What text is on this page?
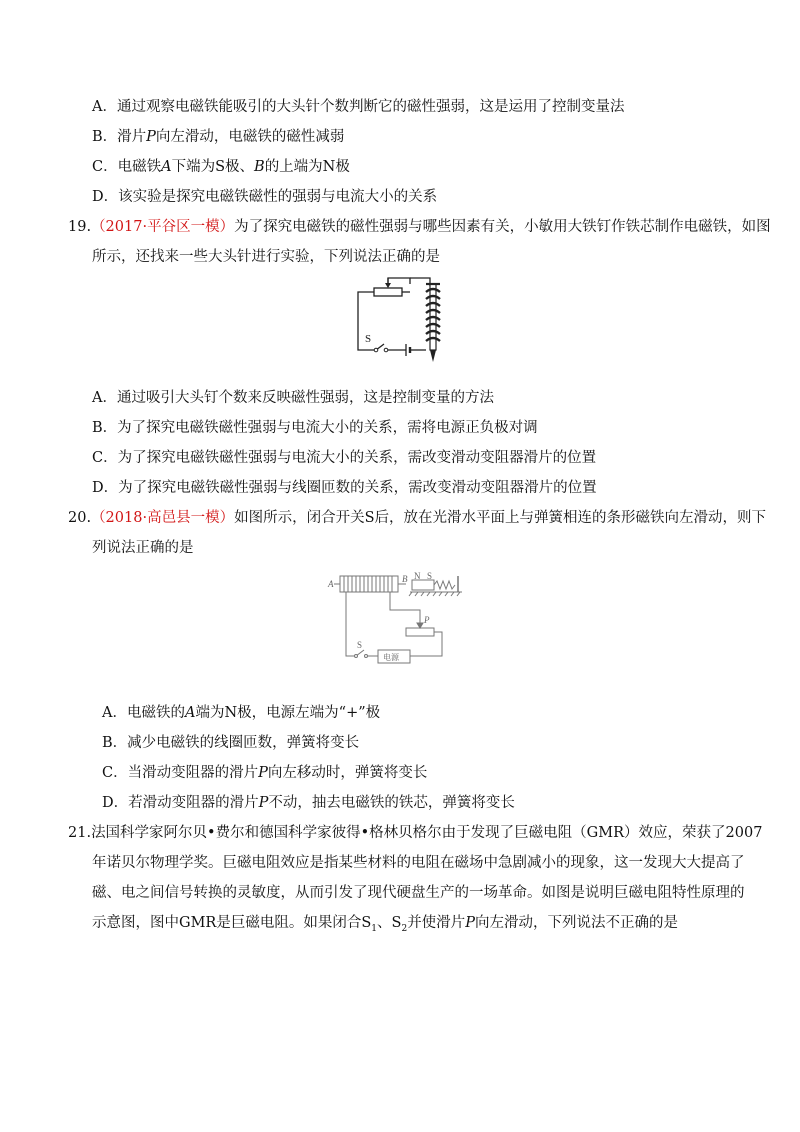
A．通过观察电磁铁能吸引的大头针个数判断它的磁性强弱，这是运用了控制变量法
B．滑片P向左滑动，电磁铁的磁性减弱
C．电磁铁A下端为S极、B的上端为N极
D．该实验是探究电磁铁磁性的强弱与电流大小的关系
19.（2017·平谷区一模）为了探究电磁铁的磁性强弱与哪些因素有关，小敏用大铁钉作铁芯制作电磁铁，如图
所示，还找来一些大头针进行实验，下列说法正确的是
S
A．通过吸引大头钉个数来反映磁性强弱，这是控制变量的方法
B．为了探究电磁铁磁性强弱与电流大小的关系，需将电源正负极对调
C．为了探究电磁铁磁性强弱与电流大小的关系，需改变滑动变阻器滑片的位置
D．为了探究电磁铁磁性强弱与线圈匝数的关系，需改变滑动变阻器滑片的位置
20.（2018·高邑县一模）如图所示，闭合开关S后，放在光滑水平面上与弹簧相连的条形磁铁向左滑动，则下
列说法正确的是
A	B N S
P
S
电源
A．电磁铁的A端为N极，电源左端为“+”极
B．减少电磁铁的线圈匝数，弹簧将变长
C．当滑动变阻器的滑片P向左移动时，弹簧将变长
D．若滑动变阻器的滑片P不动，抽去电磁铁的铁芯，弹簧将变长
21.法国科学家阿尔贝•费尔和德国科学家彼得•格林贝格尔由于发现了巨磁电阻（GMR）效应，荣获了2007
年诺贝尔物理学奖。巨磁电阻效应是指某些材料的电阻在磁场中急剧减小的现象，这一发现大大提高了
磁、电之间信号转换的灵敏度，从而引发了现代硬盘生产的一场革命。如图是说明巨磁电阻特性原理的
示意图，图中GMR是巨磁电阻。如果闭合$S_1$、$S_2$并使滑片P向左滑动，下列说法不正确的是
